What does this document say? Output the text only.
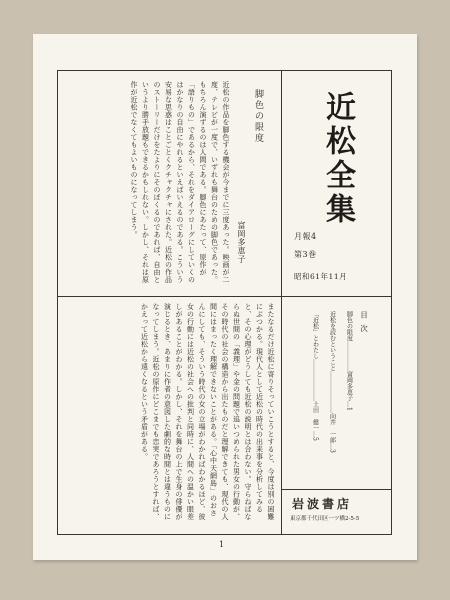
脚色の限度
富岡多恵子
近松の作品を脚色する機会が今までに三度あった。映画が二度、テレビが一度で、いずれも舞台のための脚色であった。もちろん演ずるのは人間である。脚色にあたって、原作が「語りもの」であるから、それをダイアローグにしていくのはかなりの自由にやれるといえばいえるのである。こういう安易な思惑はことごとくクチャクチャにされた。近松の作品のストーリーだけをたよりにそのぼくるのであれば、自由というより勝手放題もできるかもしれない。しかし、それは原作が近松でなくてもよいものになってしまう。	近松全集
月報4
第3巻
昭和61年11月
またなるだけ近松に寄りそっていこうとすると、今度は別の困難にぶつかる。現代人として近松の時代の出来事を分析してみると、その心理がどうしても近松の説明とは合わない。守らねばならぬ世間の「義理」や金の問題で追いつめられた男女の行動が、その時代の社会の構造から出たものだと理解できても、現代の人間にはまったく理解できないことがある。「心中天網島」のおさんにしても、そういう時代の女の立場がわかればわかるほど、彼女の行動には近松の社会への批判と同時に、人間への温かい眼差しがあることがわかる。しかし、それを舞台の上で生身の俳優が演じるとき、あまりに作者の意図した劇的な時間とは違うものになってしまう。近松の原作にどこまでも忠実であろうとすれば、かえって近松から遠くなるという矛盾がある。	目次
脚色の限度……………富岡多恵子…1
近松を読むということ…………………向井　一郎…3
「近松」とわたし…………………土田　健一…5
岩波書店
東京都千代田区一ツ橋2-5-5
1
